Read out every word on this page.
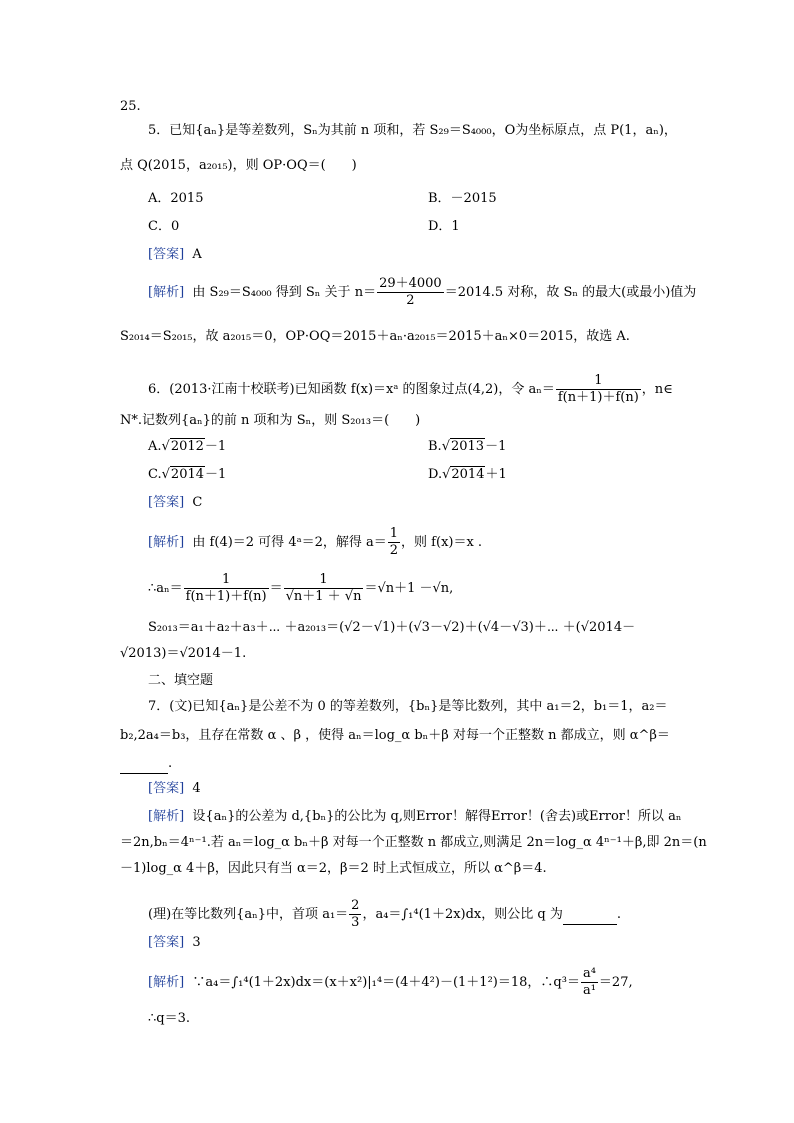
25.
5．已知{aₙ}是等差数列，Sₙ为其前 n 项和，若 S₂₉＝S₄₀₀₀，O为坐标原点，点 P(1，aₙ)，
点 Q(2015，a₂₀₁₅)，则 OP·OQ＝(　　)
A．2015	B．－2015
C．0	D．1
[答案] A
[解析] 由 S₂₉＝S₄₀₀₀ 得到 Sₙ 关于 $n= \frac{29+4000}{2} =2014.5$ 对称，故 Sₙ 的最大(或最小)值为
S₂₀₁₄＝S₂₀₁₅，故 a₂₀₁₅＝0，OP·OQ＝2015＋aₙ·a₂₀₁₅＝2015＋aₙ×0＝2015，故选 A.
6．(2013·江南十校联考)已知函数 f(x)＝xᵃ 的图象过点(4,2)，令 $a_n= \frac{1}{f(n+1)+f(n)}$ ，n∈
N*.记数列{aₙ}的前 n 项和为 Sₙ，则 S₂₀₁₃＝(　　)
A.√2012－1	B.√2013－1
C.√2014－1	D.√2014＋1
[答案] C
[解析] 由 f(4)＝2 可得 4ᵃ＝2，解得 $a= \frac{1}{2}$ ，则 f(x)＝x .
∴aₙ＝ $\frac{1}{f(n+1)+f(n)} = \frac{1}{√n+1 + √n} =√n+1 -√n$,
S₂₀₁₃＝a₁＋a₂＋a₃＋⋯ ＋a₂₀₁₃＝(√2－√1)＋(√3－√2)＋(√4－√3)＋⋯ ＋(√2014－
√2013)＝√2014－1.
二、填空题
7．(文)已知{aₙ}是公差不为 0 的等差数列，{bₙ}是等比数列，其中 a₁＝2，b₁＝1，a₂＝
b₂,2a₄＝b₃，且存在常数 α 、β ，使得 aₙ＝log_α bₙ＋β 对每一个正整数 n 都成立，则 α^β＝
.
[答案] 4
[解析] 设{aₙ}的公差为 d,{bₙ}的公比为 q,则Error！解得Error！(舍去)或Error！所以 aₙ
＝2n,bₙ＝4ⁿ⁻¹.若 aₙ＝log_α bₙ＋β 对每一个正整数 n 都成立,则满足 2n＝log_α 4ⁿ⁻¹＋β,即 2n＝(n
－1)log_α 4＋β，因此只有当 α＝2，β＝2 时上式恒成立，所以 α^β＝4.
(理)在等比数列{aₙ}中，首项 $a_1= \frac{2}{3}$ ，a₄＝∫₁⁴(1＋2x)dx，则公比 q 为	.
[答案] 3
[解析] ∵a₄＝∫₁⁴(1＋2x)dx＝(x＋x²)|₁⁴＝(4＋4²)－(1＋1²)＝18，∴q³＝ $\frac{\text{a⁴}}{\text{a¹}} =27$,
∴q＝3.
